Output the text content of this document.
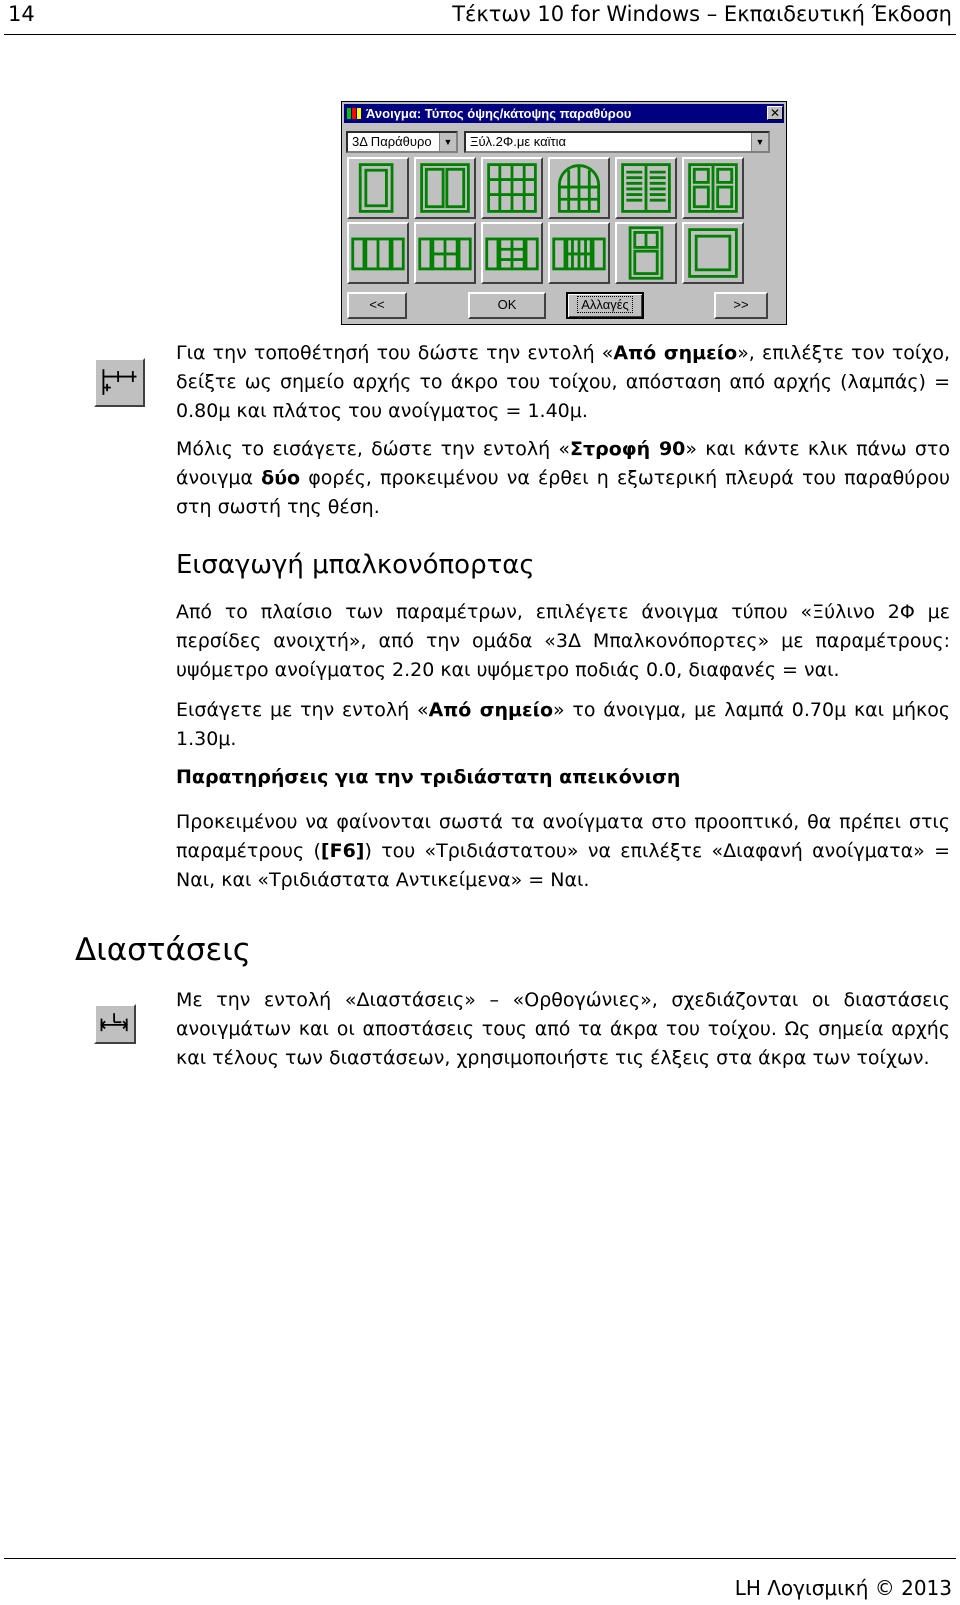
14	Τέκτων 10 for Windows – Εκπαιδευτική Έκδοση
Άνοιγμα: Τύπος όψης/κάτοψης παραθύρου	✕
3Δ Παράθυρο	▼	Ξύλ.2Φ.με καϊτια	▼
<<	OK	Αλλαγές	>>
Για την τοποθέτησή του δώστε την εντολή «Από σημείο», επιλέξτε τον τοίχο, δείξτε ως σημείο αρχής το άκρο του τοίχου, απόσταση από αρχής (λαμπάς) = 0.80μ και πλάτος του ανοίγματος = 1.40μ.
Μόλις το εισάγετε, δώστε την εντολή «Στροφή 90» και κάντε κλικ πάνω στο άνοιγμα δύο φορές, προκειμένου να έρθει η εξωτερική πλευρά του παραθύρου στη σωστή της θέση.
Εισαγωγή μπαλκονόπορτας
Από το πλαίσιο των παραμέτρων, επιλέγετε άνοιγμα τύπου «Ξύλινο 2Φ με περσίδες ανοιχτή», από την ομάδα «3Δ Μπαλκονόπορτες» με παραμέτρους: υψόμετρο ανοίγματος 2.20 και υψόμετρο ποδιάς 0.0, διαφανές = ναι.
Εισάγετε με την εντολή «Από σημείο» το άνοιγμα, με λαμπά 0.70μ και μήκος 1.30μ.
Παρατηρήσεις για την τριδιάστατη απεικόνιση
Προκειμένου να φαίνονται σωστά τα ανοίγματα στο προοπτικό, θα πρέπει στις παραμέτρους ([F6]) του «Τριδιάστατου» να επιλέξτε «Διαφανή ανοίγματα» = Ναι, και «Τριδιάστατα Αντικείμενα» = Ναι.
Διαστάσεις
Με την εντολή «Διαστάσεις» – «Ορθογώνιες», σχεδιάζονται οι διαστάσεις ανοιγμάτων και οι αποστάσεις τους από τα άκρα του τοίχου. Ως σημεία αρχής και τέλους των διαστάσεων, χρησιμοποιήστε τις έλξεις στα άκρα των τοίχων.
LH Λογισμική © 2013
